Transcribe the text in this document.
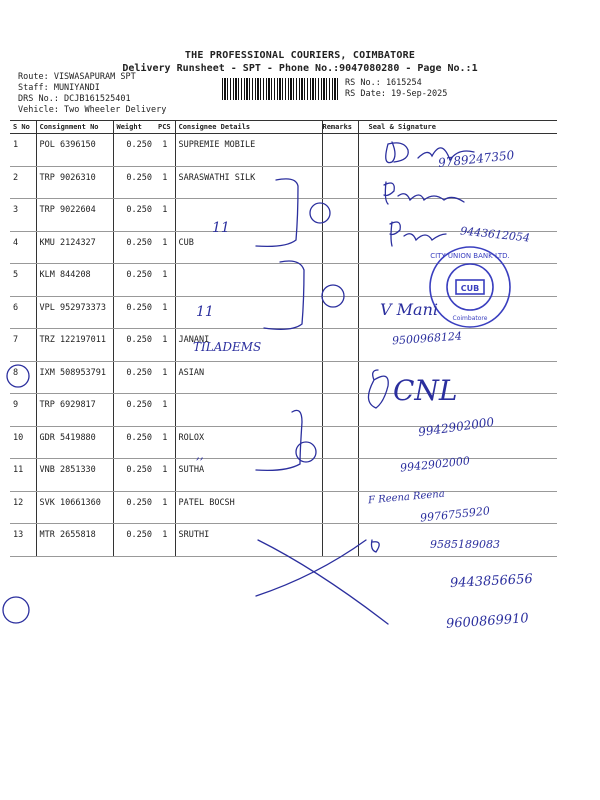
THE PROFESSIONAL COURIERS, COIMBATORE
Delivery Runsheet - SPT - Phone No.:9047080280 - Page No.:1
Route: VISWASAPURAM SPT
Staff: MUNIYANDI
DRS No.: DCJB161525401
Vehicle: Two Wheeler Delivery
RS No.: 1615254
RS Date: 19-Sep-2025
S No	Consignment No	Weight	PCS	Consignee Details	Remarks	Seal & Signature
1	POL 6396150	0.250	1	SUPREMIE MOBILE		
2	TRP 9026310	0.250	1	SARASWATHI SILK		
3	TRP 9022604	0.250	1			
4	KMU 2124327	0.250	1	CUB		
5	KLM 844208	0.250	1			
6	VPL 952973373	0.250	1			
7	TRZ 122197011	0.250	1	JANANI		
8	IXM 508953791	0.250	1	ASIAN		
9	TRP 6929817	0.250	1			
10	GDR 5419880	0.250	1	ROLOX		
11	VNB 2851330	0.250	1	SUTHA		
12	SVK 10661360	0.250	1	PATEL BOCSH		
13	MTR 2655818	0.250	1	SRUTHI		
CITY UNION BANK LTD.
CUB
Coimbatore
9789247350
11	9443612054
11	V Mani
TILADEMS	9500968124
CNL
9942902000
,,	9942902000
F Reena Reena
9976755920
9585189083
9443856656
9600869910
